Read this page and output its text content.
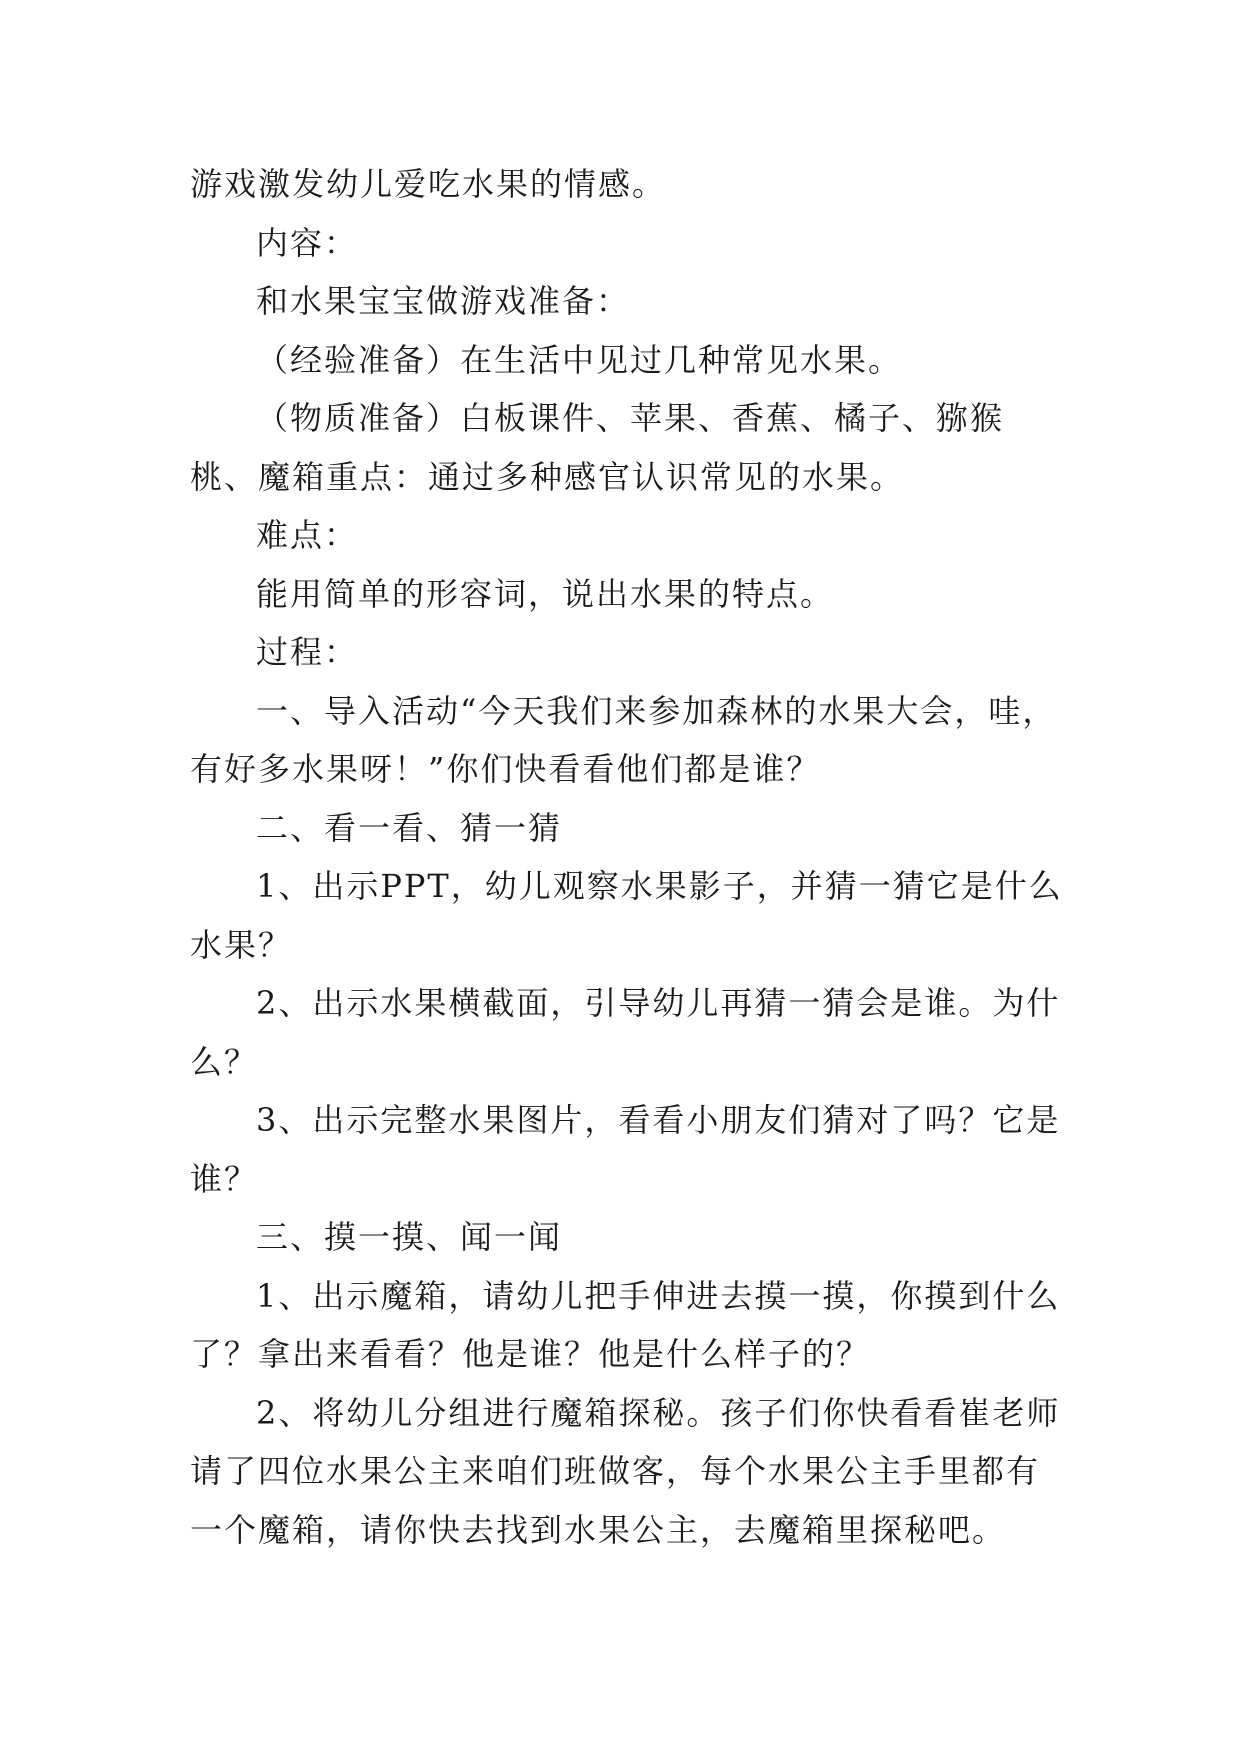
游戏激发幼儿爱吃水果的情感。

内容：

和水果宝宝做游戏准备：

（经验准备）在生活中见过几种常见水果。

（物质准备）白板课件、苹果、香蕉、橘子、猕猴桃、魔箱重点：通过多种感官认识常见的水果。

难点：

能用简单的形容词，说出水果的特点。

过程：

一、导入活动“今天我们来参加森林的水果大会，哇，有好多水果呀！”你们快看看他们都是谁？

二、看一看、猜一猜

1、出示PPT，幼儿观察水果影子，并猜一猜它是什么水果？

2、出示水果横截面，引导幼儿再猜一猜会是谁。为什么？

3、出示完整水果图片，看看小朋友们猜对了吗？它是谁？

三、摸一摸、闻一闻

1、出示魔箱，请幼儿把手伸进去摸一摸，你摸到什么了？拿出来看看？他是谁？他是什么样子的？

2、将幼儿分组进行魔箱探秘。孩子们你快看看崔老师请了四位水果公主来咱们班做客，每个水果公主手里都有一个魔箱，请你快去找到水果公主，去魔箱里探秘吧。
